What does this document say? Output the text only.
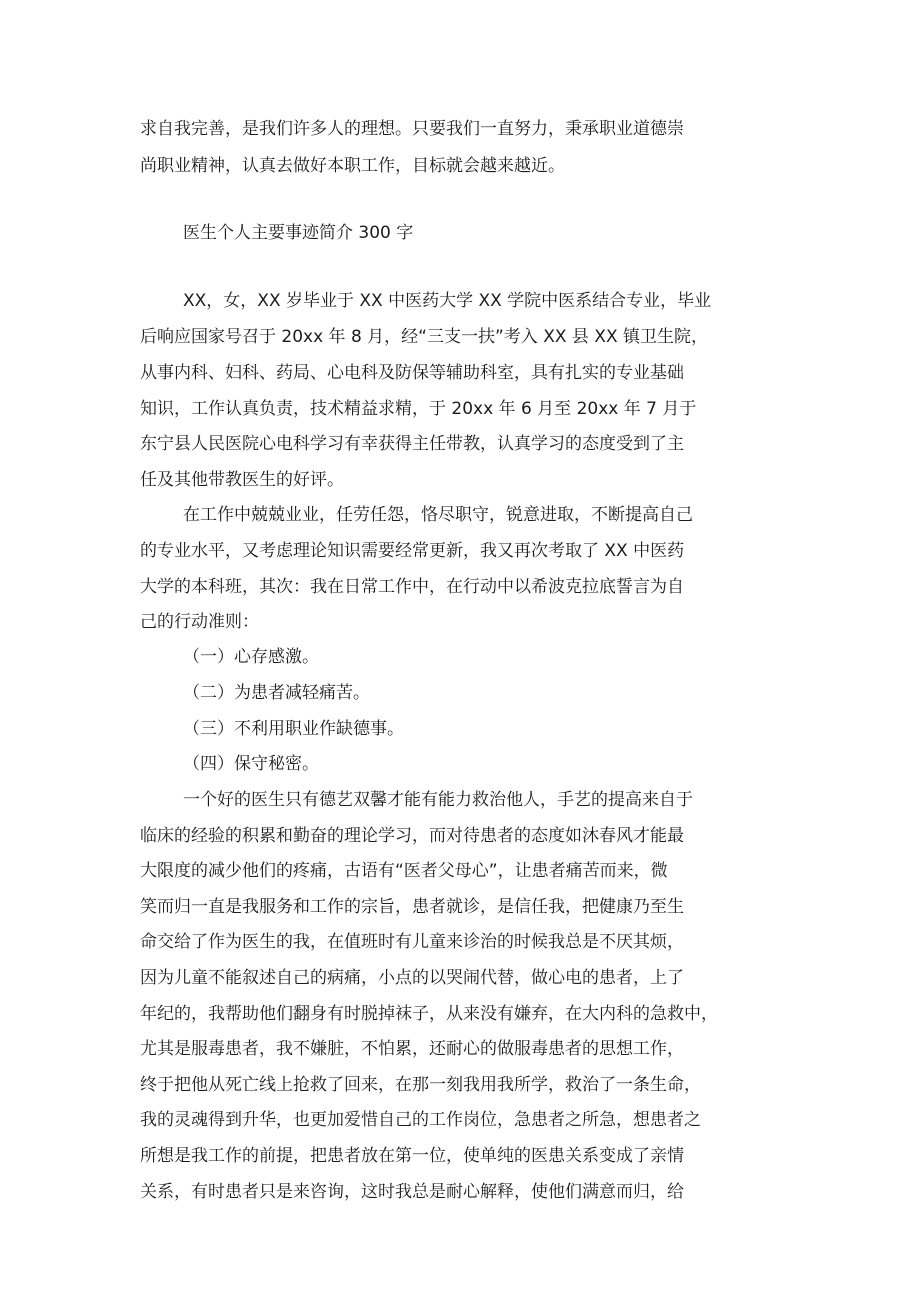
求自我完善，是我们许多人的理想。只要我们一直努力，秉承职业道德崇

尚职业精神，认真去做好本职工作，目标就会越来越近。

医生个人主要事迹简介 300 字

XX，女，XX 岁毕业于 XX 中医药大学 XX 学院中医系结合专业，毕业

后响应国家号召于 20xx 年 8 月，经“三支一扶”考入 XX 县 XX 镇卫生院，

从事内科、妇科、药局、心电科及防保等辅助科室，具有扎实的专业基础

知识，工作认真负责，技术精益求精，于 20xx 年 6 月至 20xx 年 7 月于

东宁县人民医院心电科学习有幸获得主任带教，认真学习的态度受到了主

任及其他带教医生的好评。

在工作中兢兢业业，任劳任怨，恪尽职守，锐意进取，不断提高自己

的专业水平，又考虑理论知识需要经常更新，我又再次考取了 XX 中医药

大学的本科班，其次：我在日常工作中，在行动中以希波克拉底誓言为自

己的行动准则：

（一）心存感激。

（二）为患者减轻痛苦。

（三）不利用职业作缺德事。

（四）保守秘密。

一个好的医生只有德艺双馨才能有能力救治他人，手艺的提高来自于

临床的经验的积累和勤奋的理论学习，而对待患者的态度如沐春风才能最

大限度的减少他们的疼痛，古语有“医者父母心”，让患者痛苦而来，微

笑而归一直是我服务和工作的宗旨，患者就诊，是信任我，把健康乃至生

命交给了作为医生的我，在值班时有儿童来诊治的时候我总是不厌其烦，

因为儿童不能叙述自己的病痛，小点的以哭闹代替，做心电的患者，上了

年纪的，我帮助他们翻身有时脱掉袜子，从来没有嫌弃，在大内科的急救中，

尤其是服毒患者，我不嫌脏，不怕累，还耐心的做服毒患者的思想工作，

终于把他从死亡线上抢救了回来，在那一刻我用我所学，救治了一条生命，

我的灵魂得到升华，也更加爱惜自己的工作岗位，急患者之所急，想患者之

所想是我工作的前提，把患者放在第一位，使单纯的医患关系变成了亲情

关系，有时患者只是来咨询，这时我总是耐心解释，使他们满意而归，给
